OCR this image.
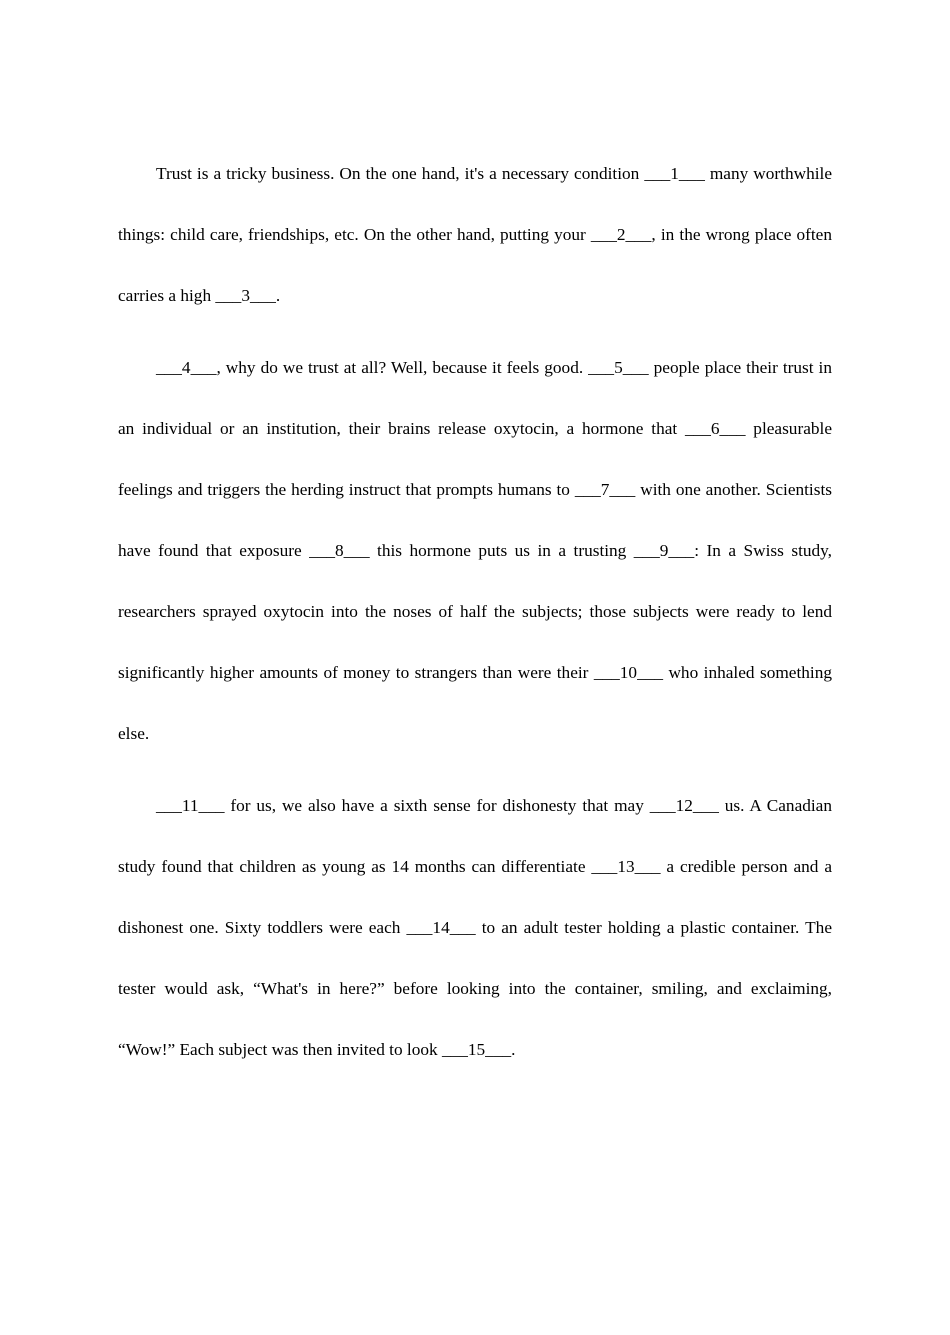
Trust is a tricky business. On the one hand, it's a necessary condition ___1___ many worthwhile things: child care, friendships, etc. On the other hand, putting your ___2___, in the wrong place often carries a high ___3___.

___4___, why do we trust at all? Well, because it feels good. ___5___ people place their trust in an individual or an institution, their brains release oxytocin, a hormone that ___6___ pleasurable feelings and triggers the herding instruct that prompts humans to ___7___ with one another. Scientists have found that exposure ___8___ this hormone puts us in a trusting ___9___: In a Swiss study, researchers sprayed oxytocin into the noses of half the subjects; those subjects were ready to lend significantly higher amounts of money to strangers than were their ___10___ who inhaled something else.

___11___ for us, we also have a sixth sense for dishonesty that may ___12___ us. A Canadian study found that children as young as 14 months can differentiate ___13___ a credible person and a dishonest one. Sixty toddlers were each ___14___ to an adult tester holding a plastic container. The tester would ask, “What's in here?” before looking into the container, smiling, and exclaiming, “Wow!” Each subject was then invited to look ___15___.
